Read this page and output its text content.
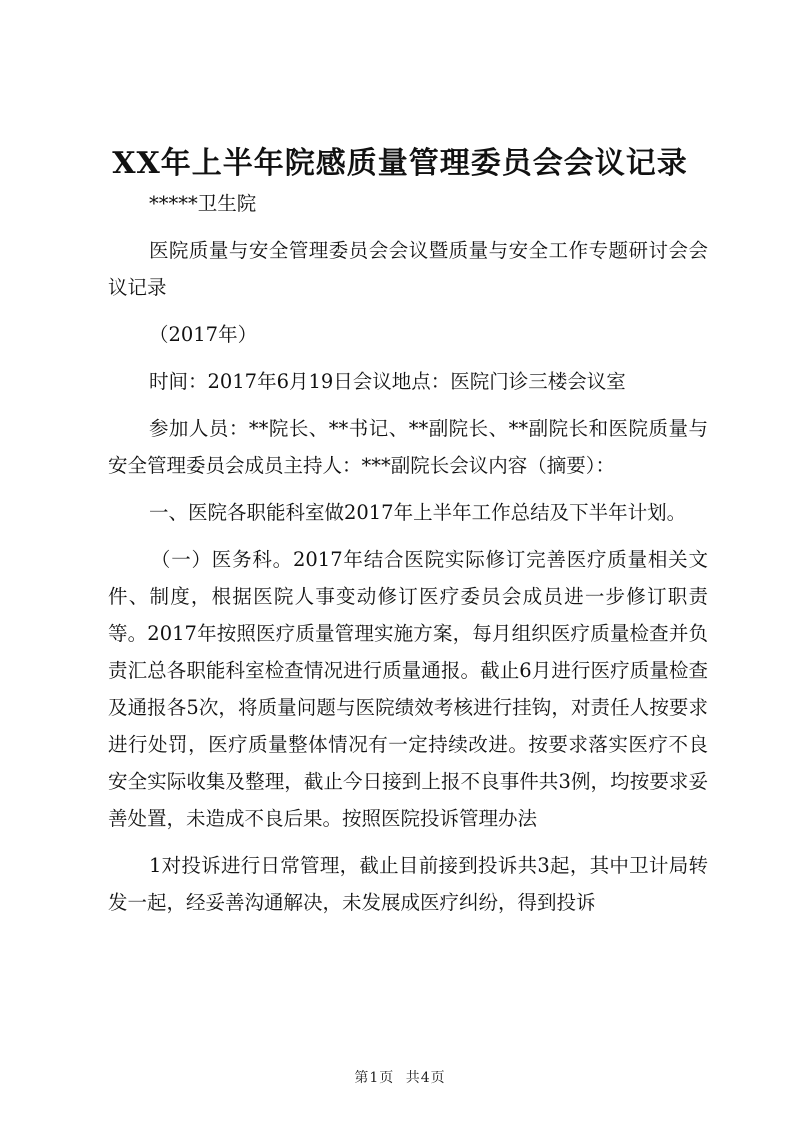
XX年上半年院感质量管理委员会会议记录

*****卫生院

医院质量与安全管理委员会会议暨质量与安全工作专题研讨会会议记录

（2017年）

时间：2017年6月19日会议地点：医院门诊三楼会议室

参加人员：**院长、**书记、**副院长、**副院长和医院质量与安全管理委员会成员主持人：***副院长会议内容（摘要）：

一、医院各职能科室做2017年上半年工作总结及下半年计划。

（一）医务科。2017年结合医院实际修订完善医疗质量相关文件、制度，根据医院人事变动修订医疗委员会成员进一步修订职责等。2017年按照医疗质量管理实施方案，每月组织医疗质量检查并负责汇总各职能科室检查情况进行质量通报。截止6月进行医疗质量检查及通报各5次，将质量问题与医院绩效考核进行挂钩，对责任人按要求进行处罚，医疗质量整体情况有一定持续改进。按要求落实医疗不良安全实际收集及整理，截止今日接到上报不良事件共3例，均按要求妥善处置，未造成不良后果。按照医院投诉管理办法

1对投诉进行日常管理，截止目前接到投诉共3起，其中卫计局转发一起，经妥善沟通解决，未发展成医疗纠纷，得到投诉

第1页 共4页
